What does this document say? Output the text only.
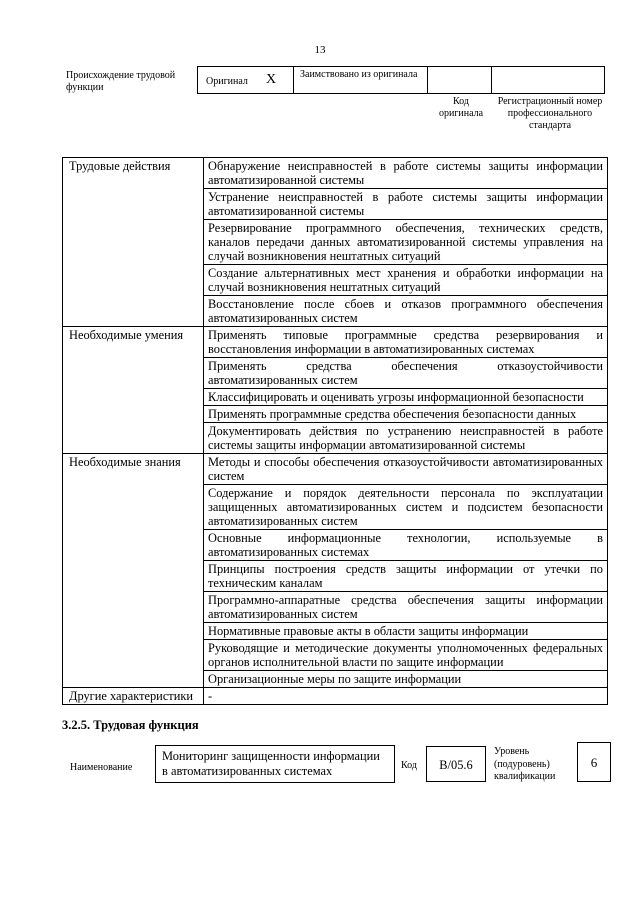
13
Происхождение трудовой функции
Оригинал X Заимствовано из оригинала
Код оригинала
Регистрационный номер профессионального стандарта
Трудовые действия	Обнаружение неисправностей в работе системы защиты информации автоматизированной системы
	Устранение неисправностей в работе системы защиты информации автоматизированной системы
	Резервирование программного обеспечения, технических средств, каналов передачи данных автоматизированной системы управления на случай возникновения нештатных ситуаций
	Создание альтернативных мест хранения и обработки информации на случай возникновения нештатных ситуаций
	Восстановление после сбоев и отказов программного обеспечения автоматизированных систем
Необходимые умения	Применять типовые программные средства резервирования и восстановления информации в автоматизированных системах
	Применять средства обеспечения отказоустойчивости автоматизированных систем
	Классифицировать и оценивать угрозы информационной безопасности
	Применять программные средства обеспечения безопасности данных
	Документировать действия по устранению неисправностей в работе системы защиты информации автоматизированной системы
Необходимые знания	Методы и способы обеспечения отказоустойчивости автоматизированных систем
	Содержание и порядок деятельности персонала по эксплуатации защищенных автоматизированных систем и подсистем безопасности автоматизированных систем
	Основные информационные технологии, используемые в автоматизированных системах
	Принципы построения средств защиты информации от утечки по техническим каналам
	Программно-аппаратные средства обеспечения защиты информации автоматизированных систем
	Нормативные правовые акты в области защиты информации
	Руководящие и методические документы уполномоченных федеральных органов исполнительной власти по защите информации
	Организационные меры по защите информации
Другие характеристики	-
3.2.5. Трудовая функция
Наименование
Мониторинг защищенности информации в автоматизированных системах	Код	B/05.6
Уровень (подуровень) квалификации
6
